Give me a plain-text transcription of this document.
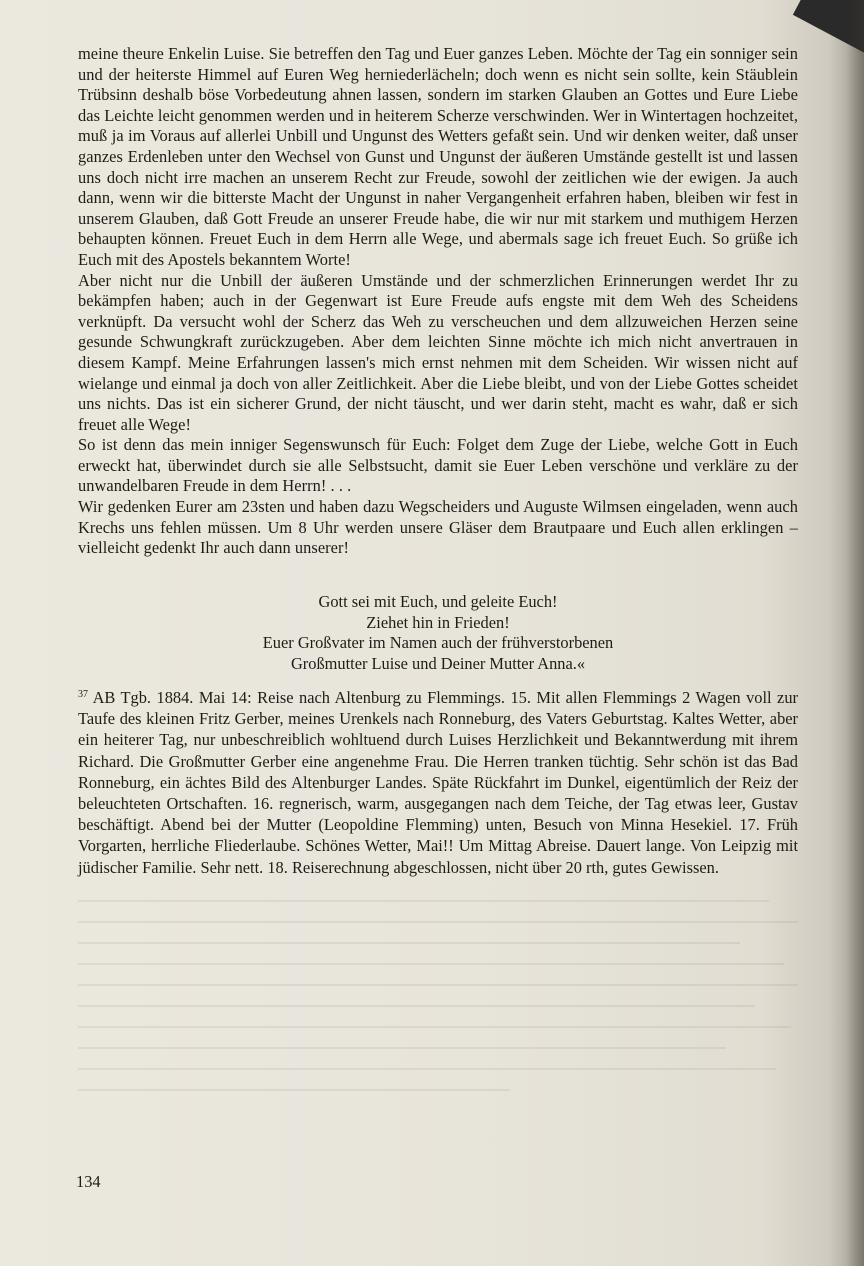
meine theure Enkelin Luise. Sie betreffen den Tag und Euer ganzes Leben. Möchte der Tag ein sonniger sein und der heiterste Himmel auf Euren Weg herniederlächeln; doch wenn es nicht sein sollte, kein Stäublein Trübsinn deshalb böse Vorbedeutung ahnen lassen, sondern im starken Glauben an Gottes und Eure Liebe das Leichte leicht genommen werden und in heiterem Scherze verschwinden. Wer in Wintertagen hochzeitet, muß ja im Voraus auf allerlei Unbill und Ungunst des Wetters gefaßt sein. Und wir denken weiter, daß unser ganzes Erdenleben unter den Wechsel von Gunst und Ungunst der äußeren Umstände gestellt ist und lassen uns doch nicht irre machen an unserem Recht zur Freude, sowohl der zeitlichen wie der ewigen. Ja auch dann, wenn wir die bitterste Macht der Ungunst in naher Vergangenheit erfahren haben, bleiben wir fest in unserem Glauben, daß Gott Freude an unserer Freude habe, die wir nur mit starkem und muthigem Herzen behaupten können. Freuet Euch in dem Herrn alle Wege, und abermals sage ich freuet Euch. So grüße ich Euch mit des Apostels bekanntem Worte!

Aber nicht nur die Unbill der äußeren Umstände und der schmerzlichen Erinnerungen werdet Ihr zu bekämpfen haben; auch in der Gegenwart ist Eure Freude aufs engste mit dem Weh des Scheidens verknüpft. Da versucht wohl der Scherz das Weh zu verscheuchen und dem allzuweichen Herzen seine gesunde Schwungkraft zurückzugeben. Aber dem leichten Sinne möchte ich mich nicht anvertrauen in diesem Kampf. Meine Erfahrungen lassen's mich ernst nehmen mit dem Scheiden. Wir wissen nicht auf wielange und einmal ja doch von aller Zeitlichkeit. Aber die Liebe bleibt, und von der Liebe Gottes scheidet uns nichts. Das ist ein sicherer Grund, der nicht täuscht, und wer darin steht, macht es wahr, daß er sich freuet alle Wege!

So ist denn das mein inniger Segenswunsch für Euch: Folget dem Zuge der Liebe, welche Gott in Euch erweckt hat, überwindet durch sie alle Selbstsucht, damit sie Euer Leben verschöne und verkläre zu der unwandelbaren Freude in dem Herrn! . . .

Wir gedenken Eurer am 23sten und haben dazu Wegscheiders und Auguste Wilmsen eingeladen, wenn auch Krechs uns fehlen müssen. Um 8 Uhr werden unsere Gläser dem Brautpaare und Euch allen erklingen – vielleicht gedenkt Ihr auch dann unserer!

Gott sei mit Euch, und geleite Euch!
Ziehet hin in Frieden!
Euer Großvater im Namen auch der frühverstorbenen
Großmutter Luise und Deiner Mutter Anna.«
$^{37}$ AB Tgb. 1884. Mai 14: Reise nach Altenburg zu Flemmings. 15. Mit allen Flemmings 2 Wagen voll zur Taufe des kleinen Fritz Gerber, meines Urenkels nach Ronneburg, des Vaters Geburtstag. Kaltes Wetter, aber ein heiterer Tag, nur unbeschreiblich wohltuend durch Luises Herzlichkeit und Bekanntwerdung mit ihrem Richard. Die Großmutter Gerber eine angenehme Frau. Die Herren tranken tüchtig. Sehr schön ist das Bad Ronneburg, ein ächtes Bild des Altenburger Landes. Späte Rückfahrt im Dunkel, eigentümlich der Reiz der beleuchteten Ortschaften. 16. regnerisch, warm, ausgegangen nach dem Teiche, der Tag etwas leer, Gustav beschäftigt. Abend bei der Mutter (Leopoldine Flemming) unten, Besuch von Minna Hesekiel. 17. Früh Vorgarten, herrliche Fliederlaube. Schönes Wetter, Mai!! Um Mittag Abreise. Dauert lange. Von Leipzig mit jüdischer Familie. Sehr nett. 18. Reiserechnung abgeschlossen, nicht über 20 rth, gutes Gewissen.
134
